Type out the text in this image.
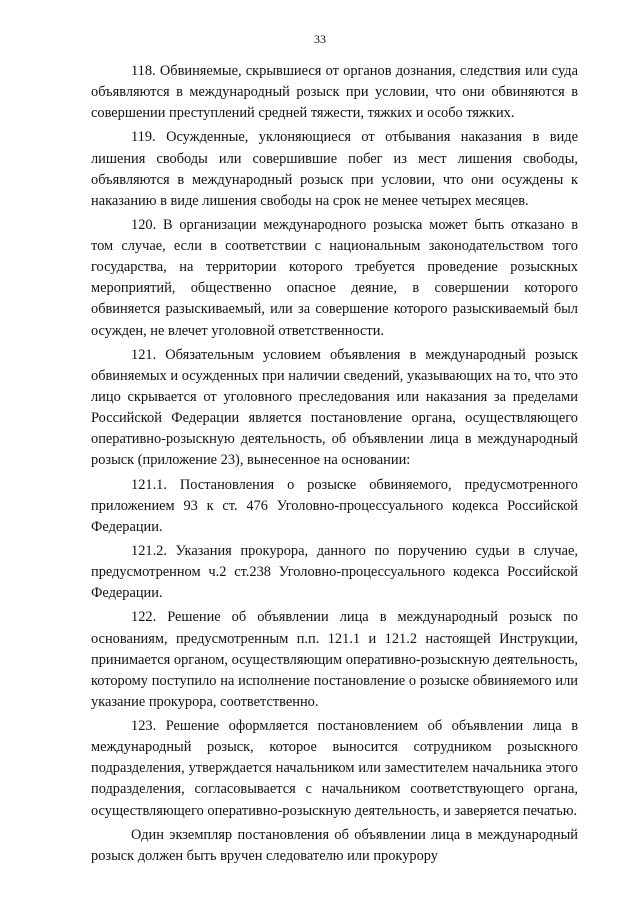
33

118. Обвиняемые, скрывшиеся от органов дознания, следствия или суда объявляются в международный розыск при условии, что они обвиняются в совершении преступлений средней тяжести, тяжких и особо тяжких.

119. Осужденные, уклоняющиеся от отбывания наказания в виде лишения свободы или совершившие побег из мест лишения свободы, объявляются в международный розыск при условии, что они осуждены к наказанию в виде лишения свободы на срок не менее четырех месяцев.

120. В организации международного розыска может быть отказано в том случае, если в соответствии с национальным законодательством того государства, на территории которого требуется проведение розыскных мероприятий, общественно опасное деяние, в совершении которого обвиняется разыскиваемый, или за совершение которого разыскиваемый был осужден, не влечет уголовной ответственности.

121. Обязательным условием объявления в международный розыск обвиняемых и осужденных при наличии сведений, указывающих на то, что это лицо скрывается от уголовного преследования или наказания за пределами Российской Федерации является постановление органа, осуществляющего оперативно-розыскную деятельность, об объявлении лица в международный розыск (приложение 23), вынесенное на основании:

121.1. Постановления о розыске обвиняемого, предусмотренного приложением 93 к ст. 476 Уголовно-процессуального кодекса Российской Федерации.

121.2. Указания прокурора, данного по поручению судьи в случае, предусмотренном ч.2 ст.238 Уголовно-процессуального кодекса Российской Федерации.

122. Решение об объявлении лица в международный розыск по основаниям, предусмотренным п.п. 121.1 и 121.2 настоящей Инструкции, принимается органом, осуществляющим оперативно-розыскную деятельность, которому поступило на исполнение постановление о розыске обвиняемого или указание прокурора, соответственно.

123. Решение оформляется постановлением об объявлении лица в международный розыск, которое выносится сотрудником розыскного подразделения, утверждается начальником или заместителем начальника этого подразделения, согласовывается с начальником соответствующего органа, осуществляющего оперативно-розыскную деятельность, и заверяется печатью.

Один экземпляр постановления об объявлении лица в международный розыск должен быть вручен следователю или прокурору
